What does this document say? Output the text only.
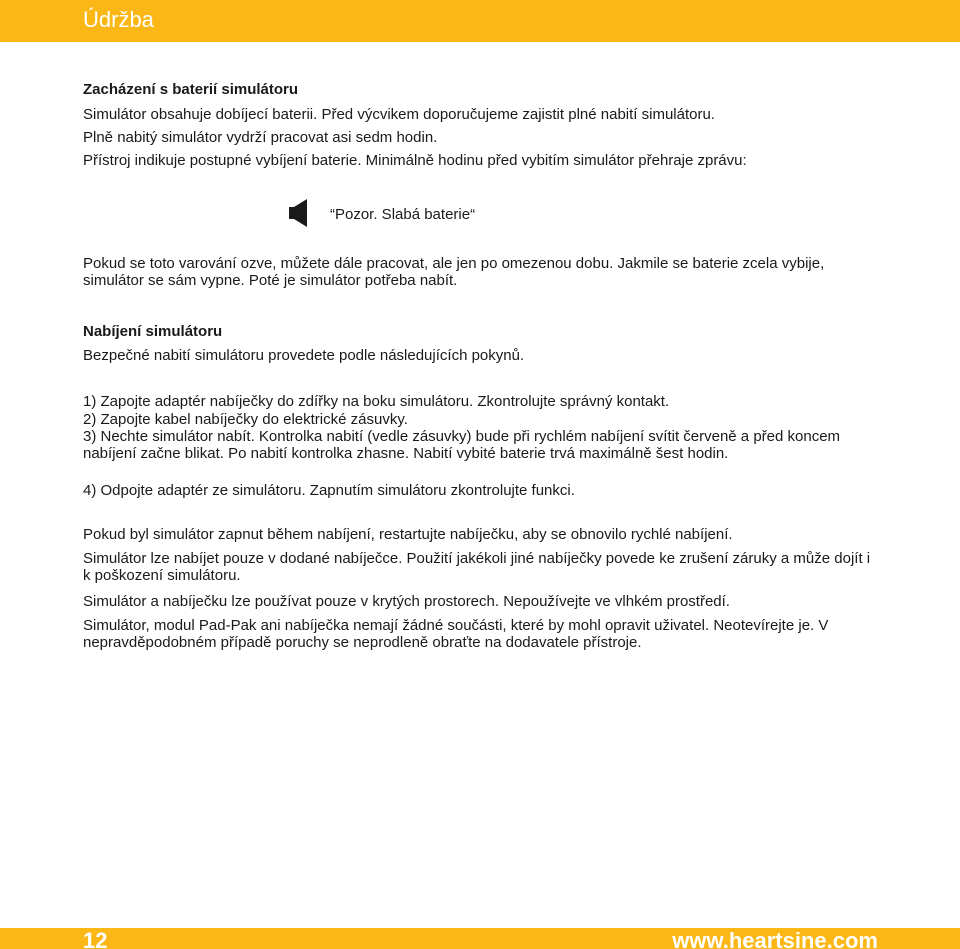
Údržba
Zacházení s baterií simulátoru
Simulátor obsahuje dobíjecí baterii. Před výcvikem doporučujeme zajistit plné nabití simulátoru.
Plně nabitý simulátor vydrží pracovat asi sedm hodin.
Přístroj indikuje postupné vybíjení baterie. Minimálně hodinu před vybitím simulátor přehraje zprávu:
Pokud se toto varování ozve, můžete dále pracovat, ale jen po omezenou dobu. Jakmile se baterie zcela vybije, simulátor se sám vypne. Poté je simulátor potřeba nabít.
Nabíjení simulátoru
Bezpečné nabití simulátoru provedete podle následujících pokynů.
1) Zapojte adaptér nabíječky do zdířky na boku simulátoru. Zkontrolujte správný kontakt.
2) Zapojte kabel nabíječky do elektrické zásuvky.
3) Nechte simulátor nabít. Kontrolka nabití (vedle zásuvky) bude při rychlém nabíjení svítit červeně a před koncem nabíjení začne blikat. Po nabití kontrolka zhasne. Nabití vybité baterie trvá maximálně šest hodin.
4) Odpojte adaptér ze simulátoru. Zapnutím simulátoru zkontrolujte funkci.
Pokud byl simulátor zapnut během nabíjení, restartujte nabíječku, aby se obnovilo rychlé nabíjení.
Simulátor lze nabíjet pouze v dodané nabíječce. Použití jakékoli jiné nabíječky povede ke zrušení záruky a může dojít i k poškození simulátoru.
Simulátor a nabíječku lze používat pouze v krytých prostorech. Nepoužívejte ve vlhkém prostředí.
Simulátor, modul Pad-Pak ani nabíječka nemají žádné součásti, které by mohl opravit uživatel. Neotevírejte je. V nepravděpodobném případě poruchy se neprodleně obraťte na dodavatele přístroje.
“Pozor. Slabá baterie“
12	www.heartsine.com
